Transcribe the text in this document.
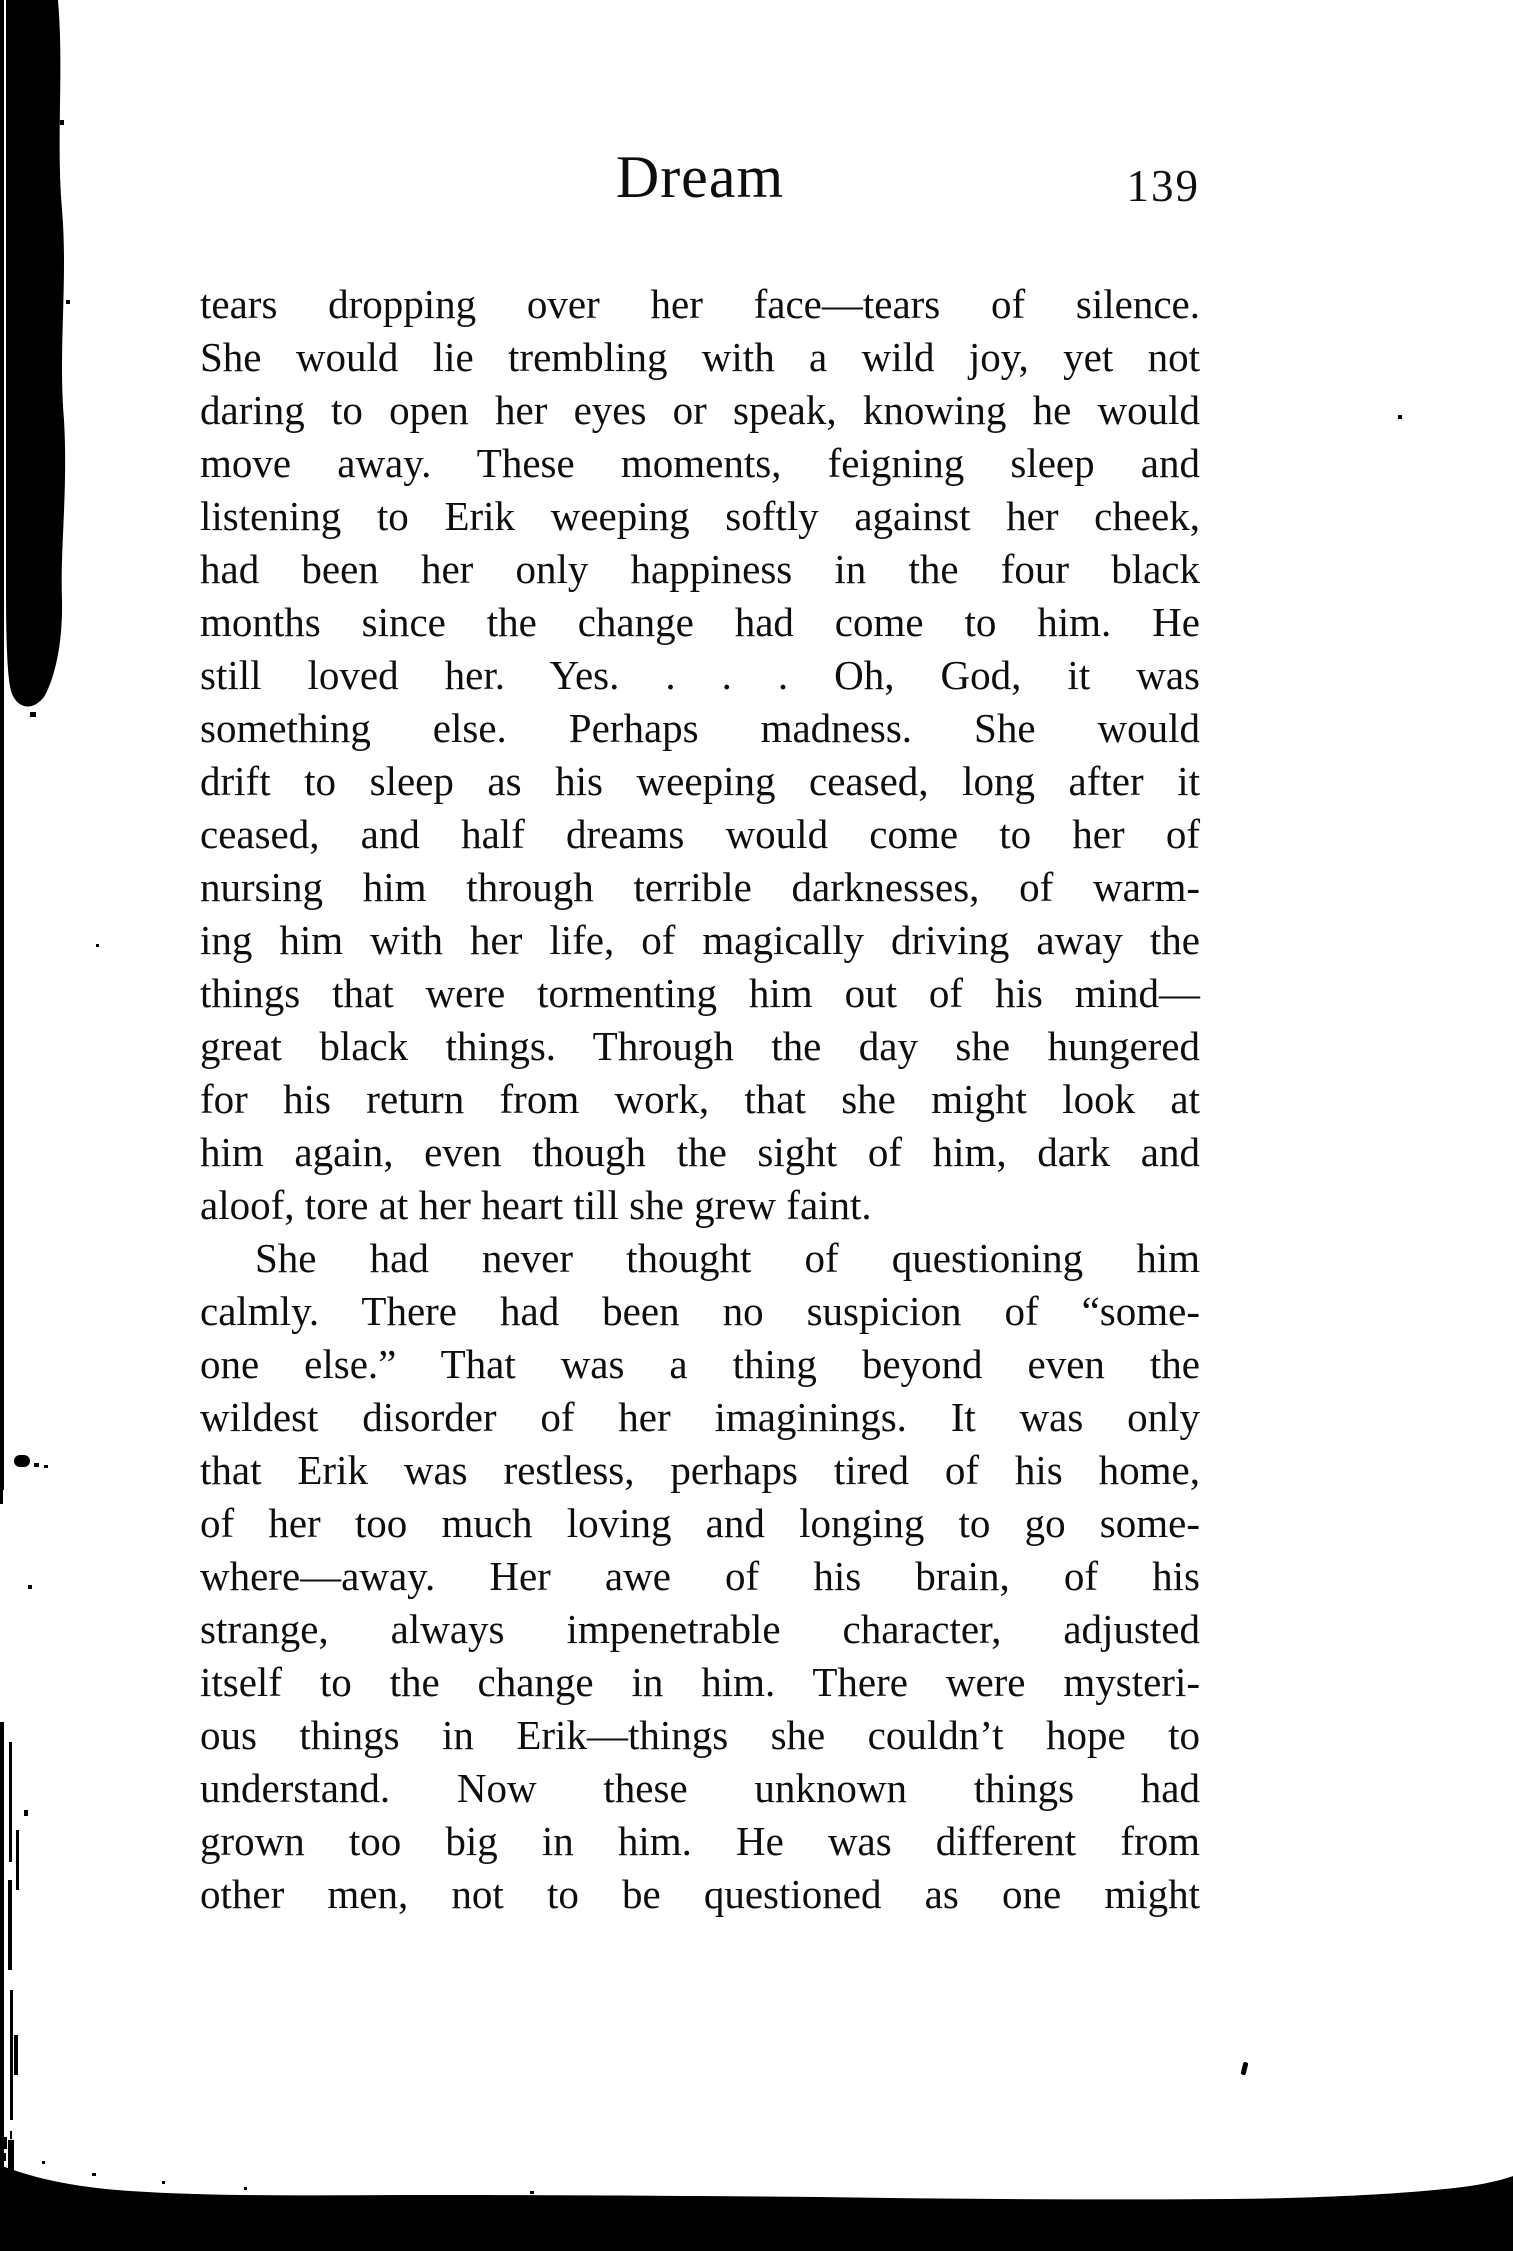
Dream	139
tears dropping over her face—tears of silence.
She would lie trembling with a wild joy, yet not
daring to open her eyes or speak, knowing he would
move away. These moments, feigning sleep and
listening to Erik weeping softly against her cheek,
had been her only happiness in the four black
months since the change had come to him. He
still loved her. Yes. . . . Oh, God, it was
something else. Perhaps madness. She would
drift to sleep as his weeping ceased, long after it
ceased, and half dreams would come to her of
nursing him through terrible darknesses, of warm-
ing him with her life, of magically driving away the
things that were tormenting him out of his mind—
great black things. Through the day she hungered
for his return from work, that she might look at
him again, even though the sight of him, dark and
aloof, tore at her heart till she grew faint.
She had never thought of questioning him
calmly. There had been no suspicion of “some-
one else.” That was a thing beyond even the
wildest disorder of her imaginings. It was only
that Erik was restless, perhaps tired of his home,
of her too much loving and longing to go some-
where—away. Her awe of his brain, of his
strange, always impenetrable character, adjusted
itself to the change in him. There were mysteri-
ous things in Erik—things she couldn’t hope to
understand. Now these unknown things had
grown too big in him. He was different from
other men, not to be questioned as one might
